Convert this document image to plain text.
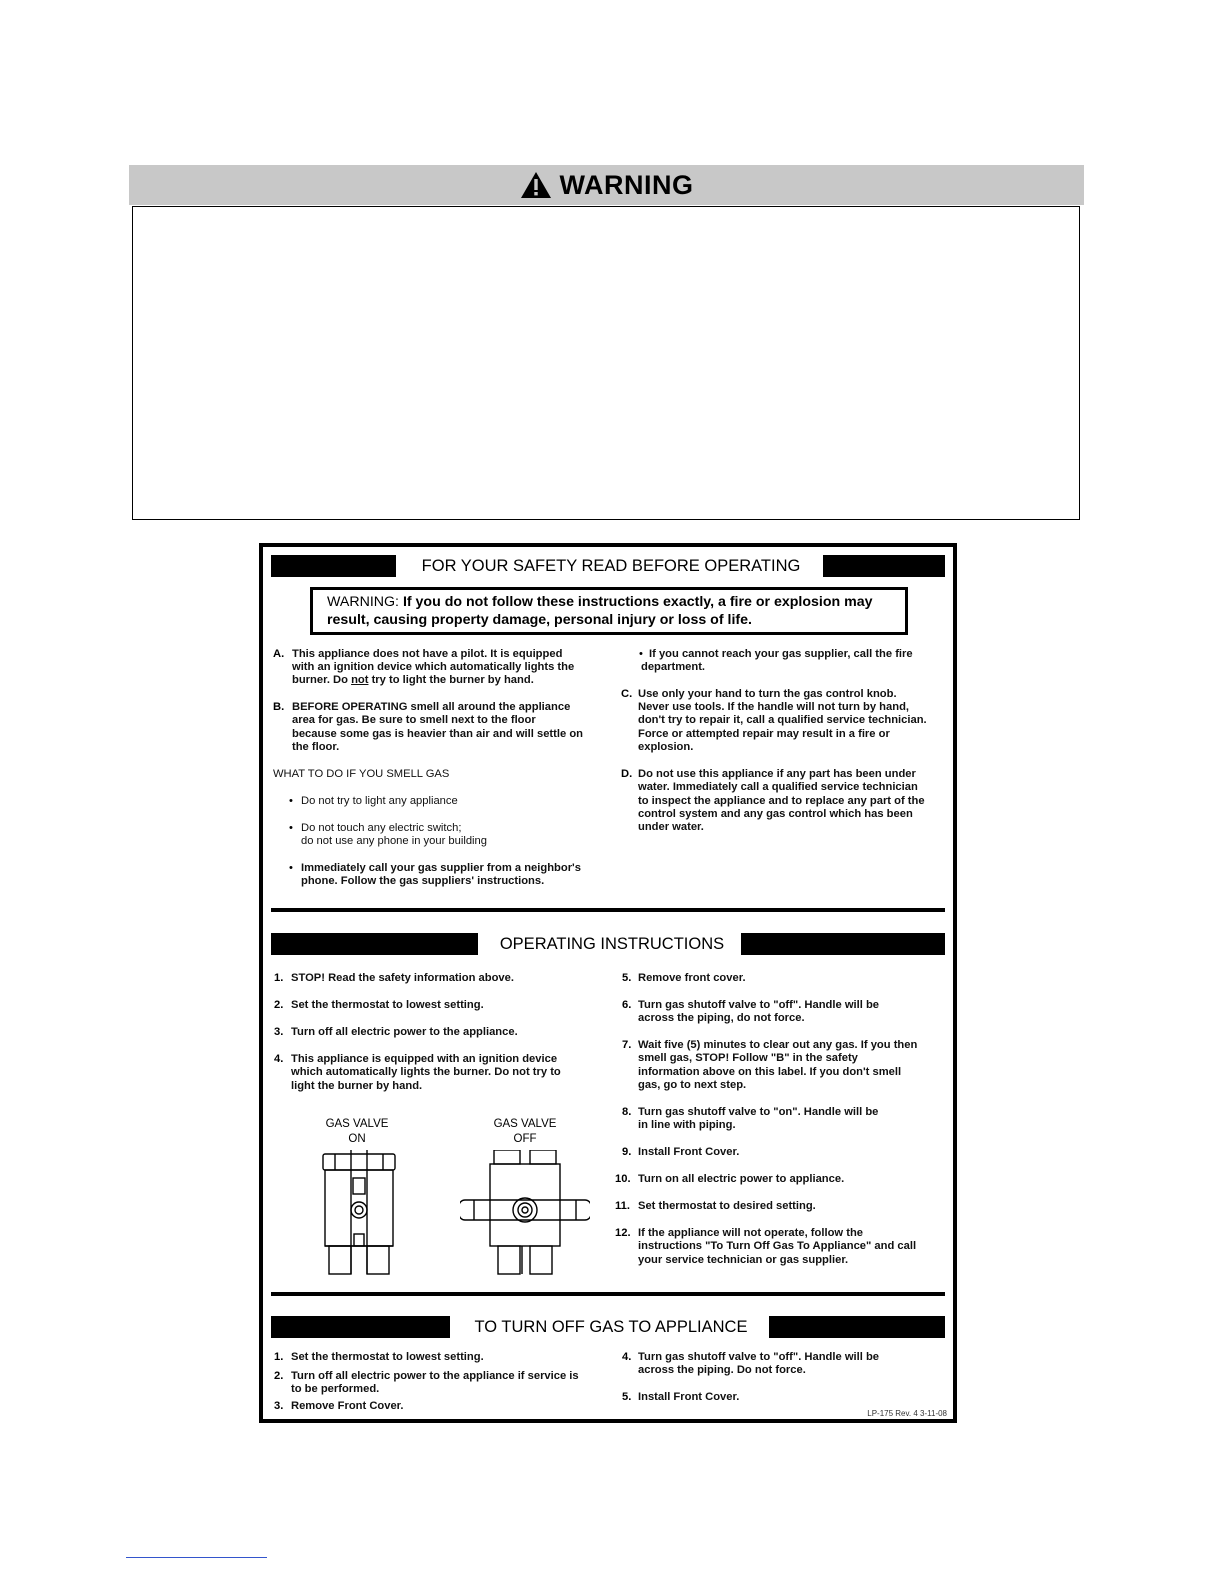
WARNING
FOR YOUR SAFETY READ BEFORE OPERATING
WARNING: If you do not follow these instructions exactly, a fire or explosion may result, causing property damage, personal injury or loss of life.
A. This appliance does not have a pilot. It is equipped
with an ignition device which automatically lights the
burner. Do not try to light the burner by hand.
B. BEFORE OPERATING smell all around the appliance
area for gas. Be sure to smell next to the floor
because some gas is heavier than air and will settle on
the floor.
WHAT TO DO IF YOU SMELL GAS
• Do not try to light any appliance
• Do not touch any electric switch;
do not use any phone in your building
• Immediately call your gas supplier from a neighbor's
phone. Follow the gas suppliers' instructions.
• If you cannot reach your gas supplier, call the fire
department.
C. Use only your hand to turn the gas control knob.
Never use tools. If the handle will not turn by hand,
don't try to repair it, call a qualified service technician.
Force or attempted repair may result in a fire or
explosion.
D. Do not use this appliance if any part has been under
water. Immediately call a qualified service technician
to inspect the appliance and to replace any part of the
control system and any gas control which has been
under water.
OPERATING INSTRUCTIONS
1. STOP! Read the safety information above.
2. Set the thermostat to lowest setting.
3. Turn off all electric power to the appliance.
4. This appliance is equipped with an ignition device
which automatically lights the burner. Do not try to
light the burner by hand.
GAS VALVE
ON
GAS VALVE
OFF
5. Remove front cover.
6. Turn gas shutoff valve to "off". Handle will be
across the piping, do not force.
7. Wait five (5) minutes to clear out any gas. If you then
smell gas, STOP! Follow "B" in the safety
information above on this label. If you don't smell
gas, go to next step.
8. Turn gas shutoff valve to "on". Handle will be
in line with piping.
9. Install Front Cover.
10. Turn on all electric power to appliance.
11. Set thermostat to desired setting.
12. If the appliance will not operate, follow the
instructions "To Turn Off Gas To Appliance" and call
your service technician or gas supplier.
TO TURN OFF GAS TO APPLIANCE
1. Set the thermostat to lowest setting.
2. Turn off all electric power to the appliance if service is
to be performed.
3. Remove Front Cover.
4. Turn gas shutoff valve to "off". Handle will be
across the piping. Do not force.
5. Install Front Cover.
LP-175 Rev. 4 3-11-08
